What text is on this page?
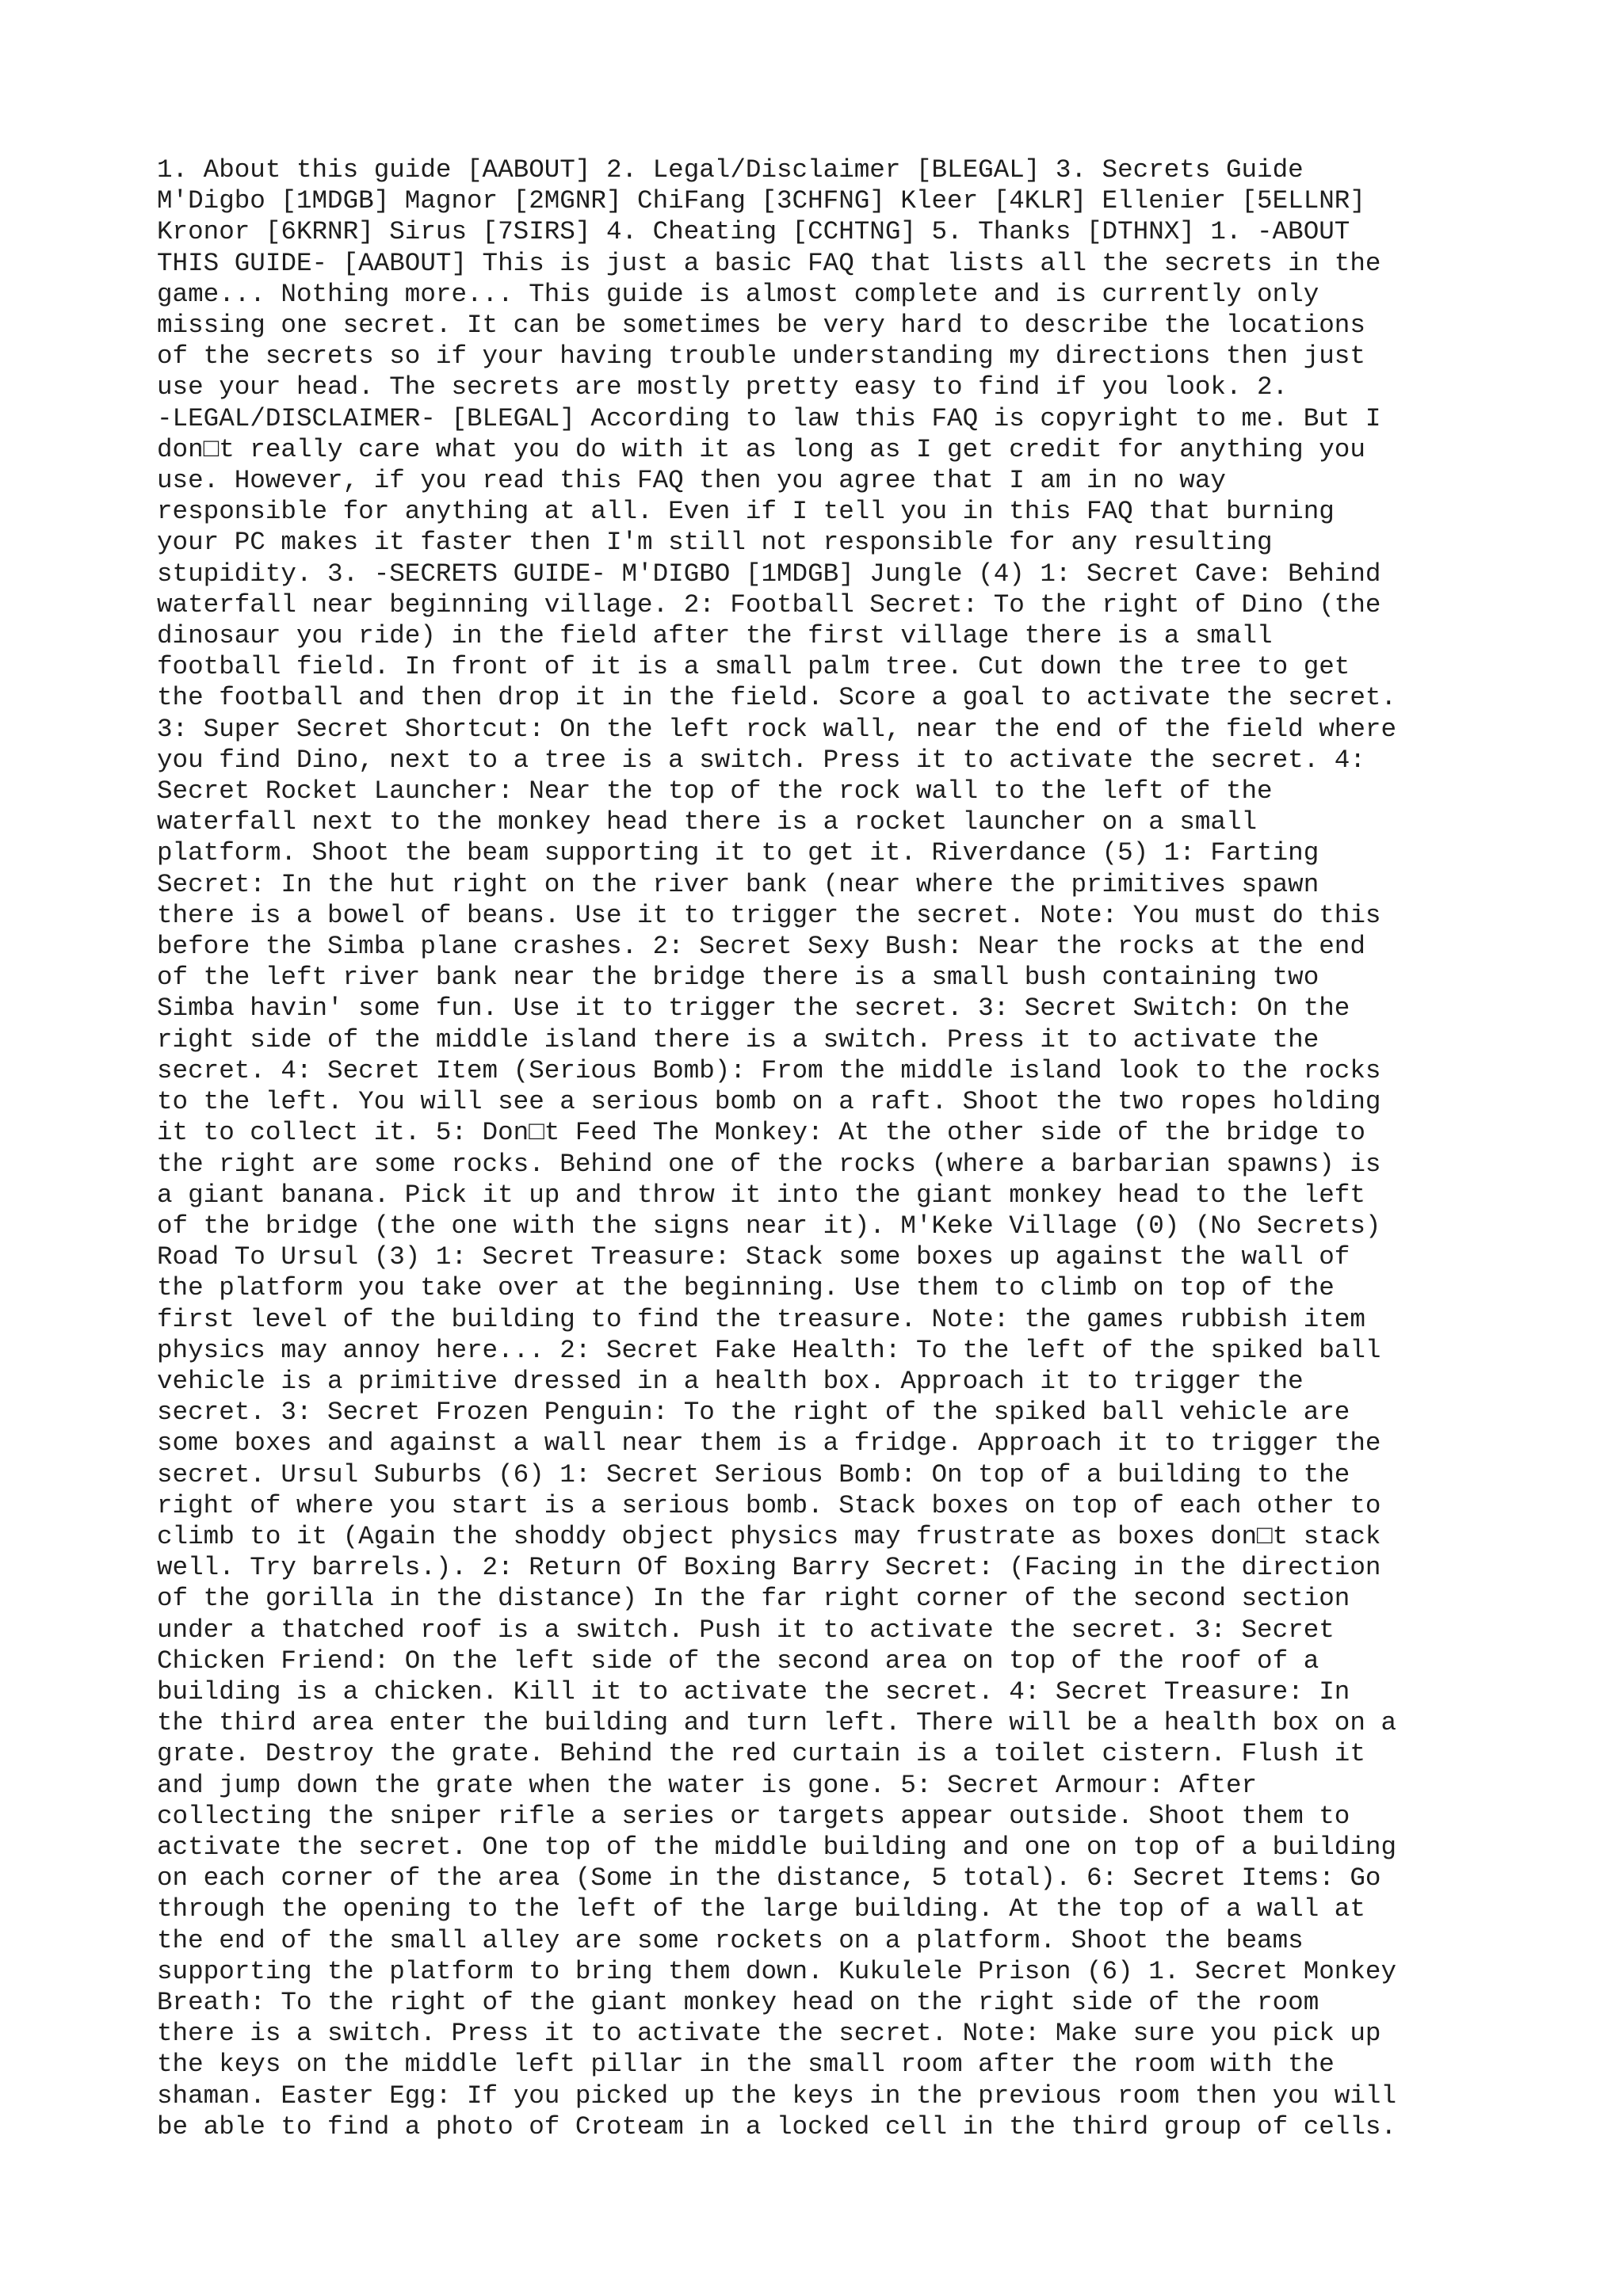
1. About this guide [AABOUT] 2. Legal/Disclaimer [BLEGAL] 3. Secrets Guide
M'Digbo [1MDGB] Magnor [2MGNR] ChiFang [3CHFNG] Kleer [4KLR] Ellenier [5ELLNR]
Kronor [6KRNR] Sirus [7SIRS] 4. Cheating [CCHTNG] 5. Thanks [DTHNX] 1. -ABOUT
THIS GUIDE- [AABOUT] This is just a basic FAQ that lists all the secrets in the
game... Nothing more... This guide is almost complete and is currently only
missing one secret. It can be sometimes be very hard to describe the locations
of the secrets so if your having trouble understanding my directions then just
use your head. The secrets are mostly pretty easy to find if you look. 2.
-LEGAL/DISCLAIMER- [BLEGAL] According to law this FAQ is copyright to me. But I
don□t really care what you do with it as long as I get credit for anything you
use. However, if you read this FAQ then you agree that I am in no way
responsible for anything at all. Even if I tell you in this FAQ that burning
your PC makes it faster then I'm still not responsible for any resulting
stupidity. 3. -SECRETS GUIDE- M'DIGBO [1MDGB] Jungle (4) 1: Secret Cave: Behind
waterfall near beginning village. 2: Football Secret: To the right of Dino (the
dinosaur you ride) in the field after the first village there is a small
football field. In front of it is a small palm tree. Cut down the tree to get
the football and then drop it in the field. Score a goal to activate the secret.
3: Super Secret Shortcut: On the left rock wall, near the end of the field where
you find Dino, next to a tree is a switch. Press it to activate the secret. 4:
Secret Rocket Launcher: Near the top of the rock wall to the left of the
waterfall next to the monkey head there is a rocket launcher on a small
platform. Shoot the beam supporting it to get it. Riverdance (5) 1: Farting
Secret: In the hut right on the river bank (near where the primitives spawn
there is a bowel of beans. Use it to trigger the secret. Note: You must do this
before the Simba plane crashes. 2: Secret Sexy Bush: Near the rocks at the end
of the left river bank near the bridge there is a small bush containing two
Simba havin' some fun. Use it to trigger the secret. 3: Secret Switch: On the
right side of the middle island there is a switch. Press it to activate the
secret. 4: Secret Item (Serious Bomb): From the middle island look to the rocks
to the left. You will see a serious bomb on a raft. Shoot the two ropes holding
it to collect it. 5: Don□t Feed The Monkey: At the other side of the bridge to
the right are some rocks. Behind one of the rocks (where a barbarian spawns) is
a giant banana. Pick it up and throw it into the giant monkey head to the left
of the bridge (the one with the signs near it). M'Keke Village (0) (No Secrets)
Road To Ursul (3) 1: Secret Treasure: Stack some boxes up against the wall of
the platform you take over at the beginning. Use them to climb on top of the
first level of the building to find the treasure. Note: the games rubbish item
physics may annoy here... 2: Secret Fake Health: To the left of the spiked ball
vehicle is a primitive dressed in a health box. Approach it to trigger the
secret. 3: Secret Frozen Penguin: To the right of the spiked ball vehicle are
some boxes and against a wall near them is a fridge. Approach it to trigger the
secret. Ursul Suburbs (6) 1: Secret Serious Bomb: On top of a building to the
right of where you start is a serious bomb. Stack boxes on top of each other to
climb to it (Again the shoddy object physics may frustrate as boxes don□t stack
well. Try barrels.). 2: Return Of Boxing Barry Secret: (Facing in the direction
of the gorilla in the distance) In the far right corner of the second section
under a thatched roof is a switch. Push it to activate the secret. 3: Secret
Chicken Friend: On the left side of the second area on top of the roof of a
building is a chicken. Kill it to activate the secret. 4: Secret Treasure: In
the third area enter the building and turn left. There will be a health box on a
grate. Destroy the grate. Behind the red curtain is a toilet cistern. Flush it
and jump down the grate when the water is gone. 5: Secret Armour: After
collecting the sniper rifle a series or targets appear outside. Shoot them to
activate the secret. One top of the middle building and one on top of a building
on each corner of the area (Some in the distance, 5 total). 6: Secret Items: Go
through the opening to the left of the large building. At the top of a wall at
the end of the small alley are some rockets on a platform. Shoot the beams
supporting the platform to bring them down. Kukulele Prison (6) 1. Secret Monkey
Breath: To the right of the giant monkey head on the right side of the room
there is a switch. Press it to activate the secret. Note: Make sure you pick up
the keys on the middle left pillar in the small room after the room with the
shaman. Easter Egg: If you picked up the keys in the previous room then you will
be able to find a photo of Croteam in a locked cell in the third group of cells.
